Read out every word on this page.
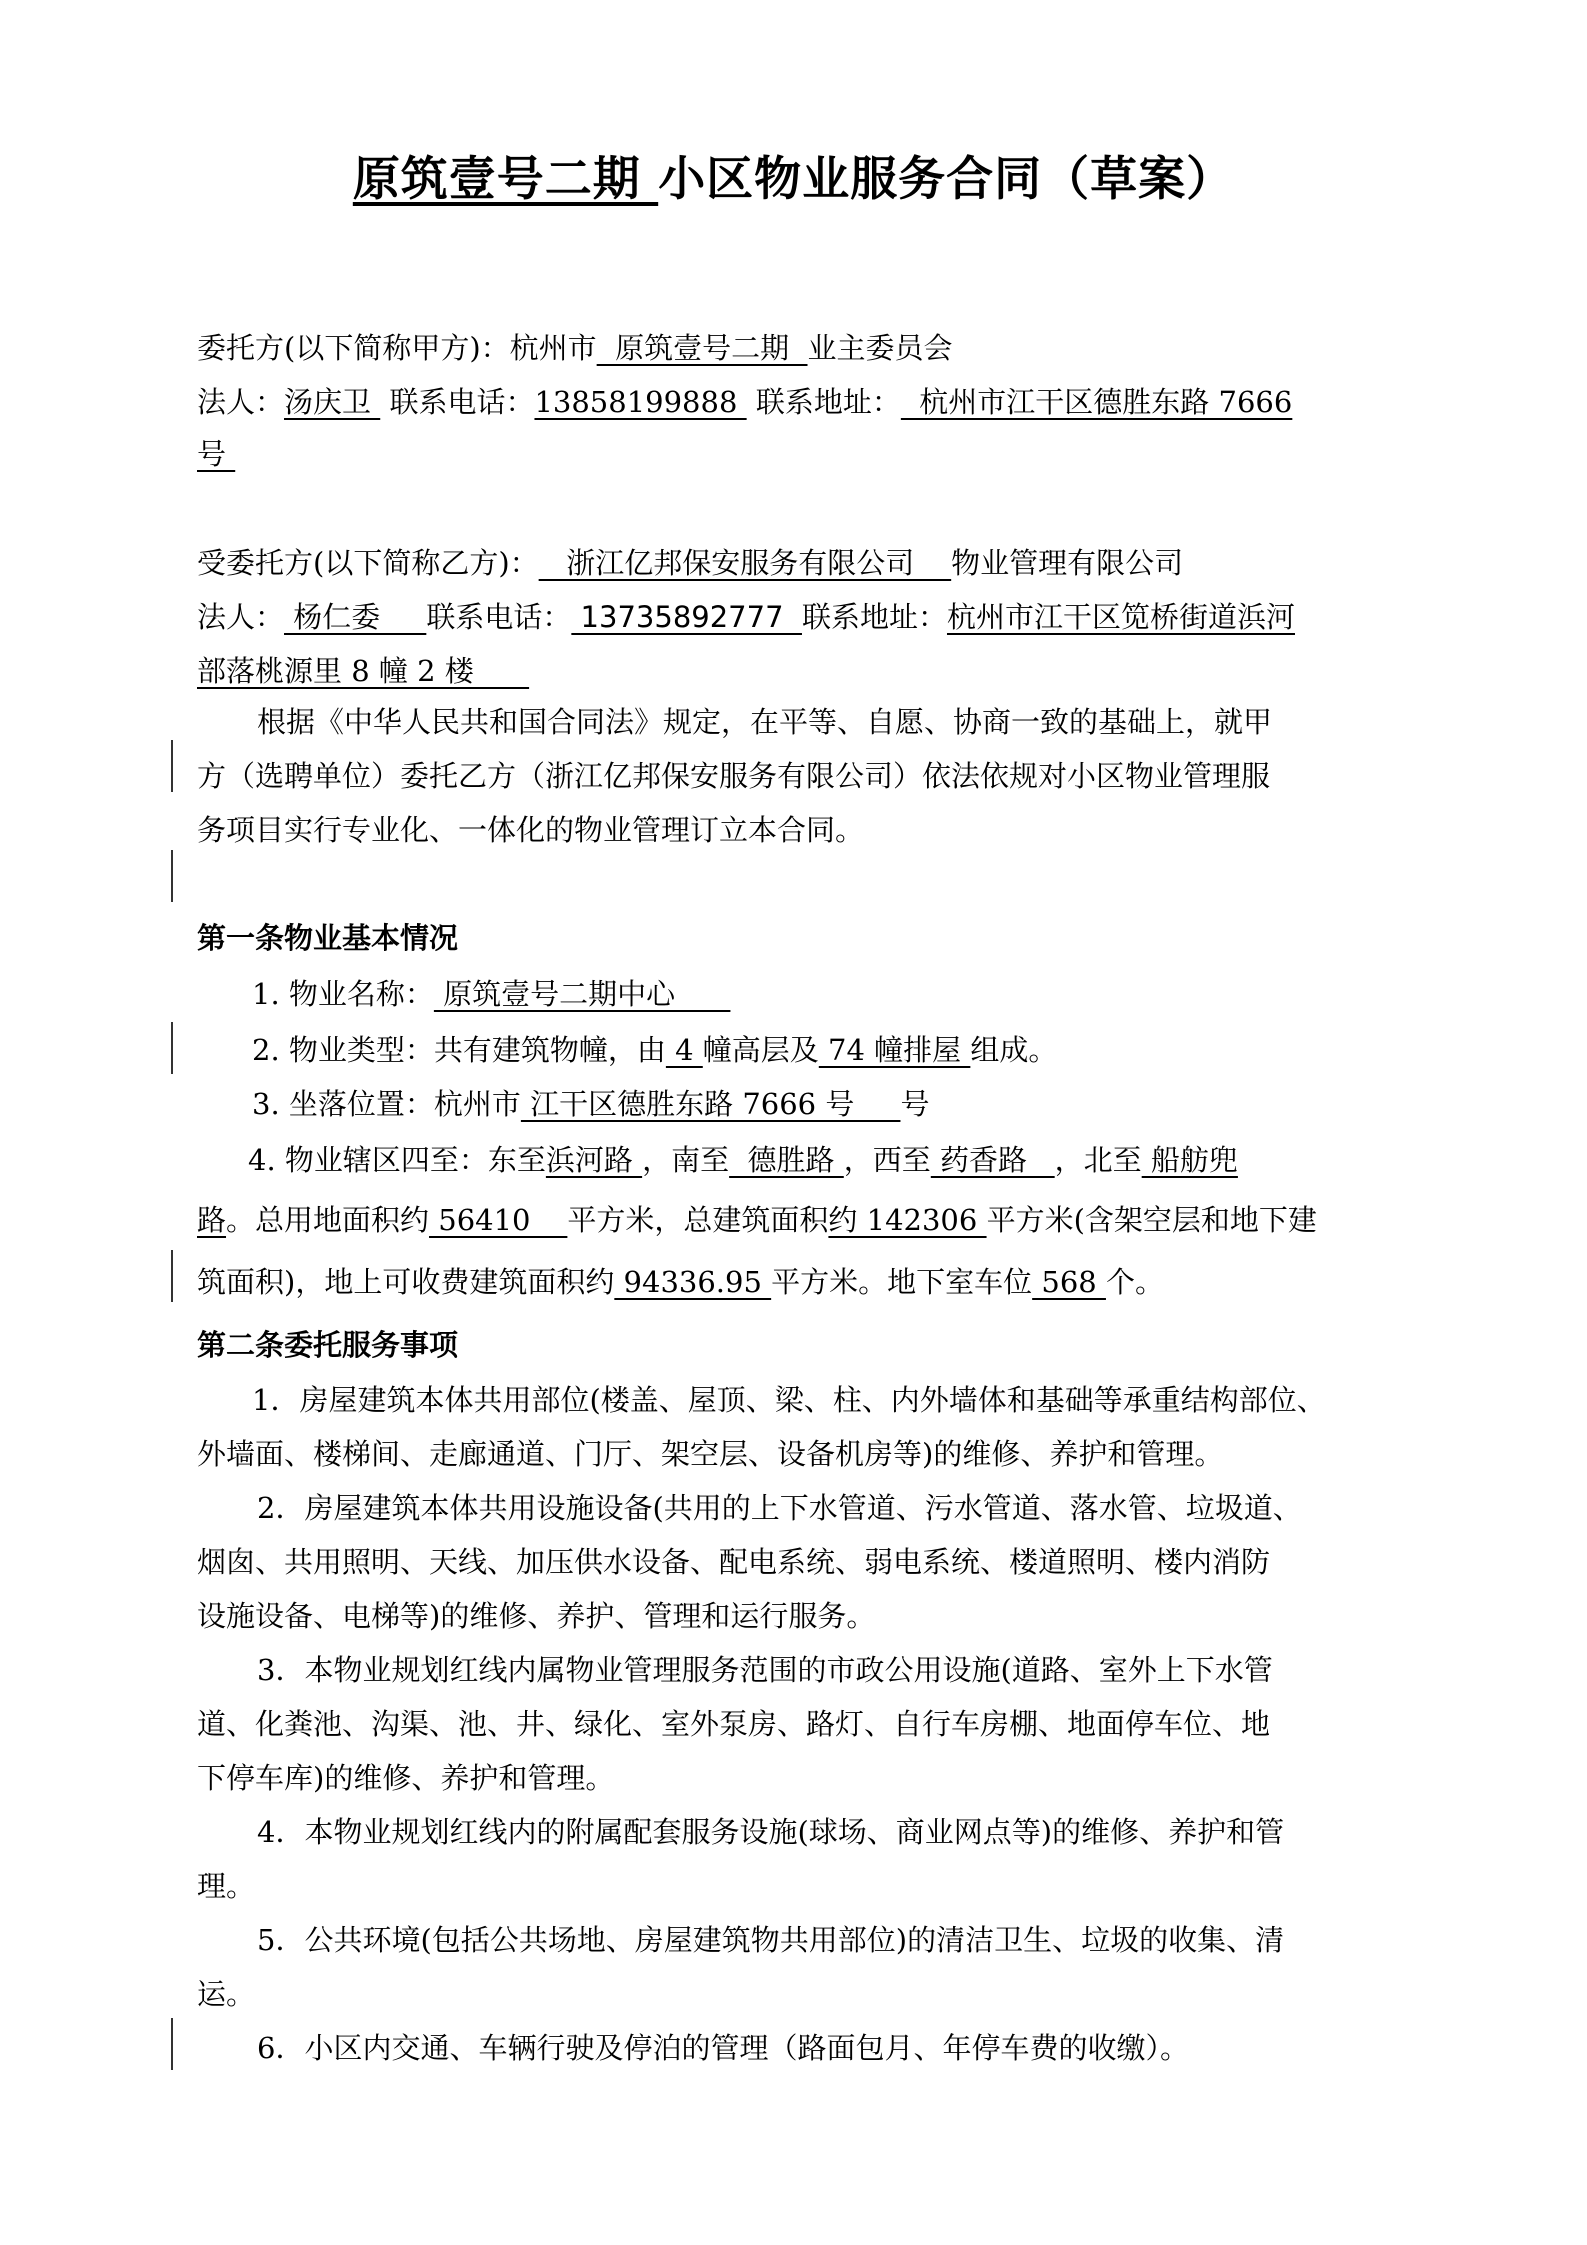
原筑壹号二期 小区物业服务合同（草案）
委托方(以下简称甲方)：杭州市  原筑壹号二期  业主委员会
法人：汤庆卫  联系电话：13858199888  联系地址：  杭州市江干区德胜东路 7666
号
受委托方(以下简称乙方)：   浙江亿邦保安服务有限公司    物业管理有限公司
法人： 杨仁委     联系电话： 13735892777  联系地址：杭州市江干区笕桥街道浜河
部落桃源里 8 幢 2 楼
根据《中华人民共和国合同法》规定，在平等、自愿、协商一致的基础上，就甲
方（选聘单位）委托乙方（浙江亿邦保安服务有限公司）依法依规对小区物业管理服
务项目实行专业化、一体化的物业管理订立本合同。
第一条物业基本情况
1. 物业名称： 原筑壹号二期中心
2. 物业类型：共有建筑物幢，由 4 幢高层及 74 幢排屋 组成。
3. 坐落位置：杭州市 江干区德胜东路 7666 号     号
4. 物业辖区四至：东至浜河路 ，南至  德胜路 ，西至 药香路   ，北至 船舫兜
路。总用地面积约 56410    平方米，总建筑面积约 142306 平方米(含架空层和地下建
筑面积)，地上可收费建筑面积约 94336.95 平方米。地下室车位 568 个。
第二条委托服务事项
1．房屋建筑本体共用部位(楼盖、屋顶、梁、柱、内外墙体和基础等承重结构部位、
外墙面、楼梯间、走廊通道、门厅、架空层、设备机房等)的维修、养护和管理。
2．房屋建筑本体共用设施设备(共用的上下水管道、污水管道、落水管、垃圾道、
烟囱、共用照明、天线、加压供水设备、配电系统、弱电系统、楼道照明、楼内消防
设施设备、电梯等)的维修、养护、管理和运行服务。
3．本物业规划红线内属物业管理服务范围的市政公用设施(道路、室外上下水管
道、化粪池、沟渠、池、井、绿化、室外泵房、路灯、自行车房棚、地面停车位、地
下停车库)的维修、养护和管理。
4．本物业规划红线内的附属配套服务设施(球场、商业网点等)的维修、养护和管
理。
5．公共环境(包括公共场地、房屋建筑物共用部位)的清洁卫生、垃圾的收集、清
运。
6．小区内交通、车辆行驶及停泊的管理（路面包月、年停车费的收缴）。
